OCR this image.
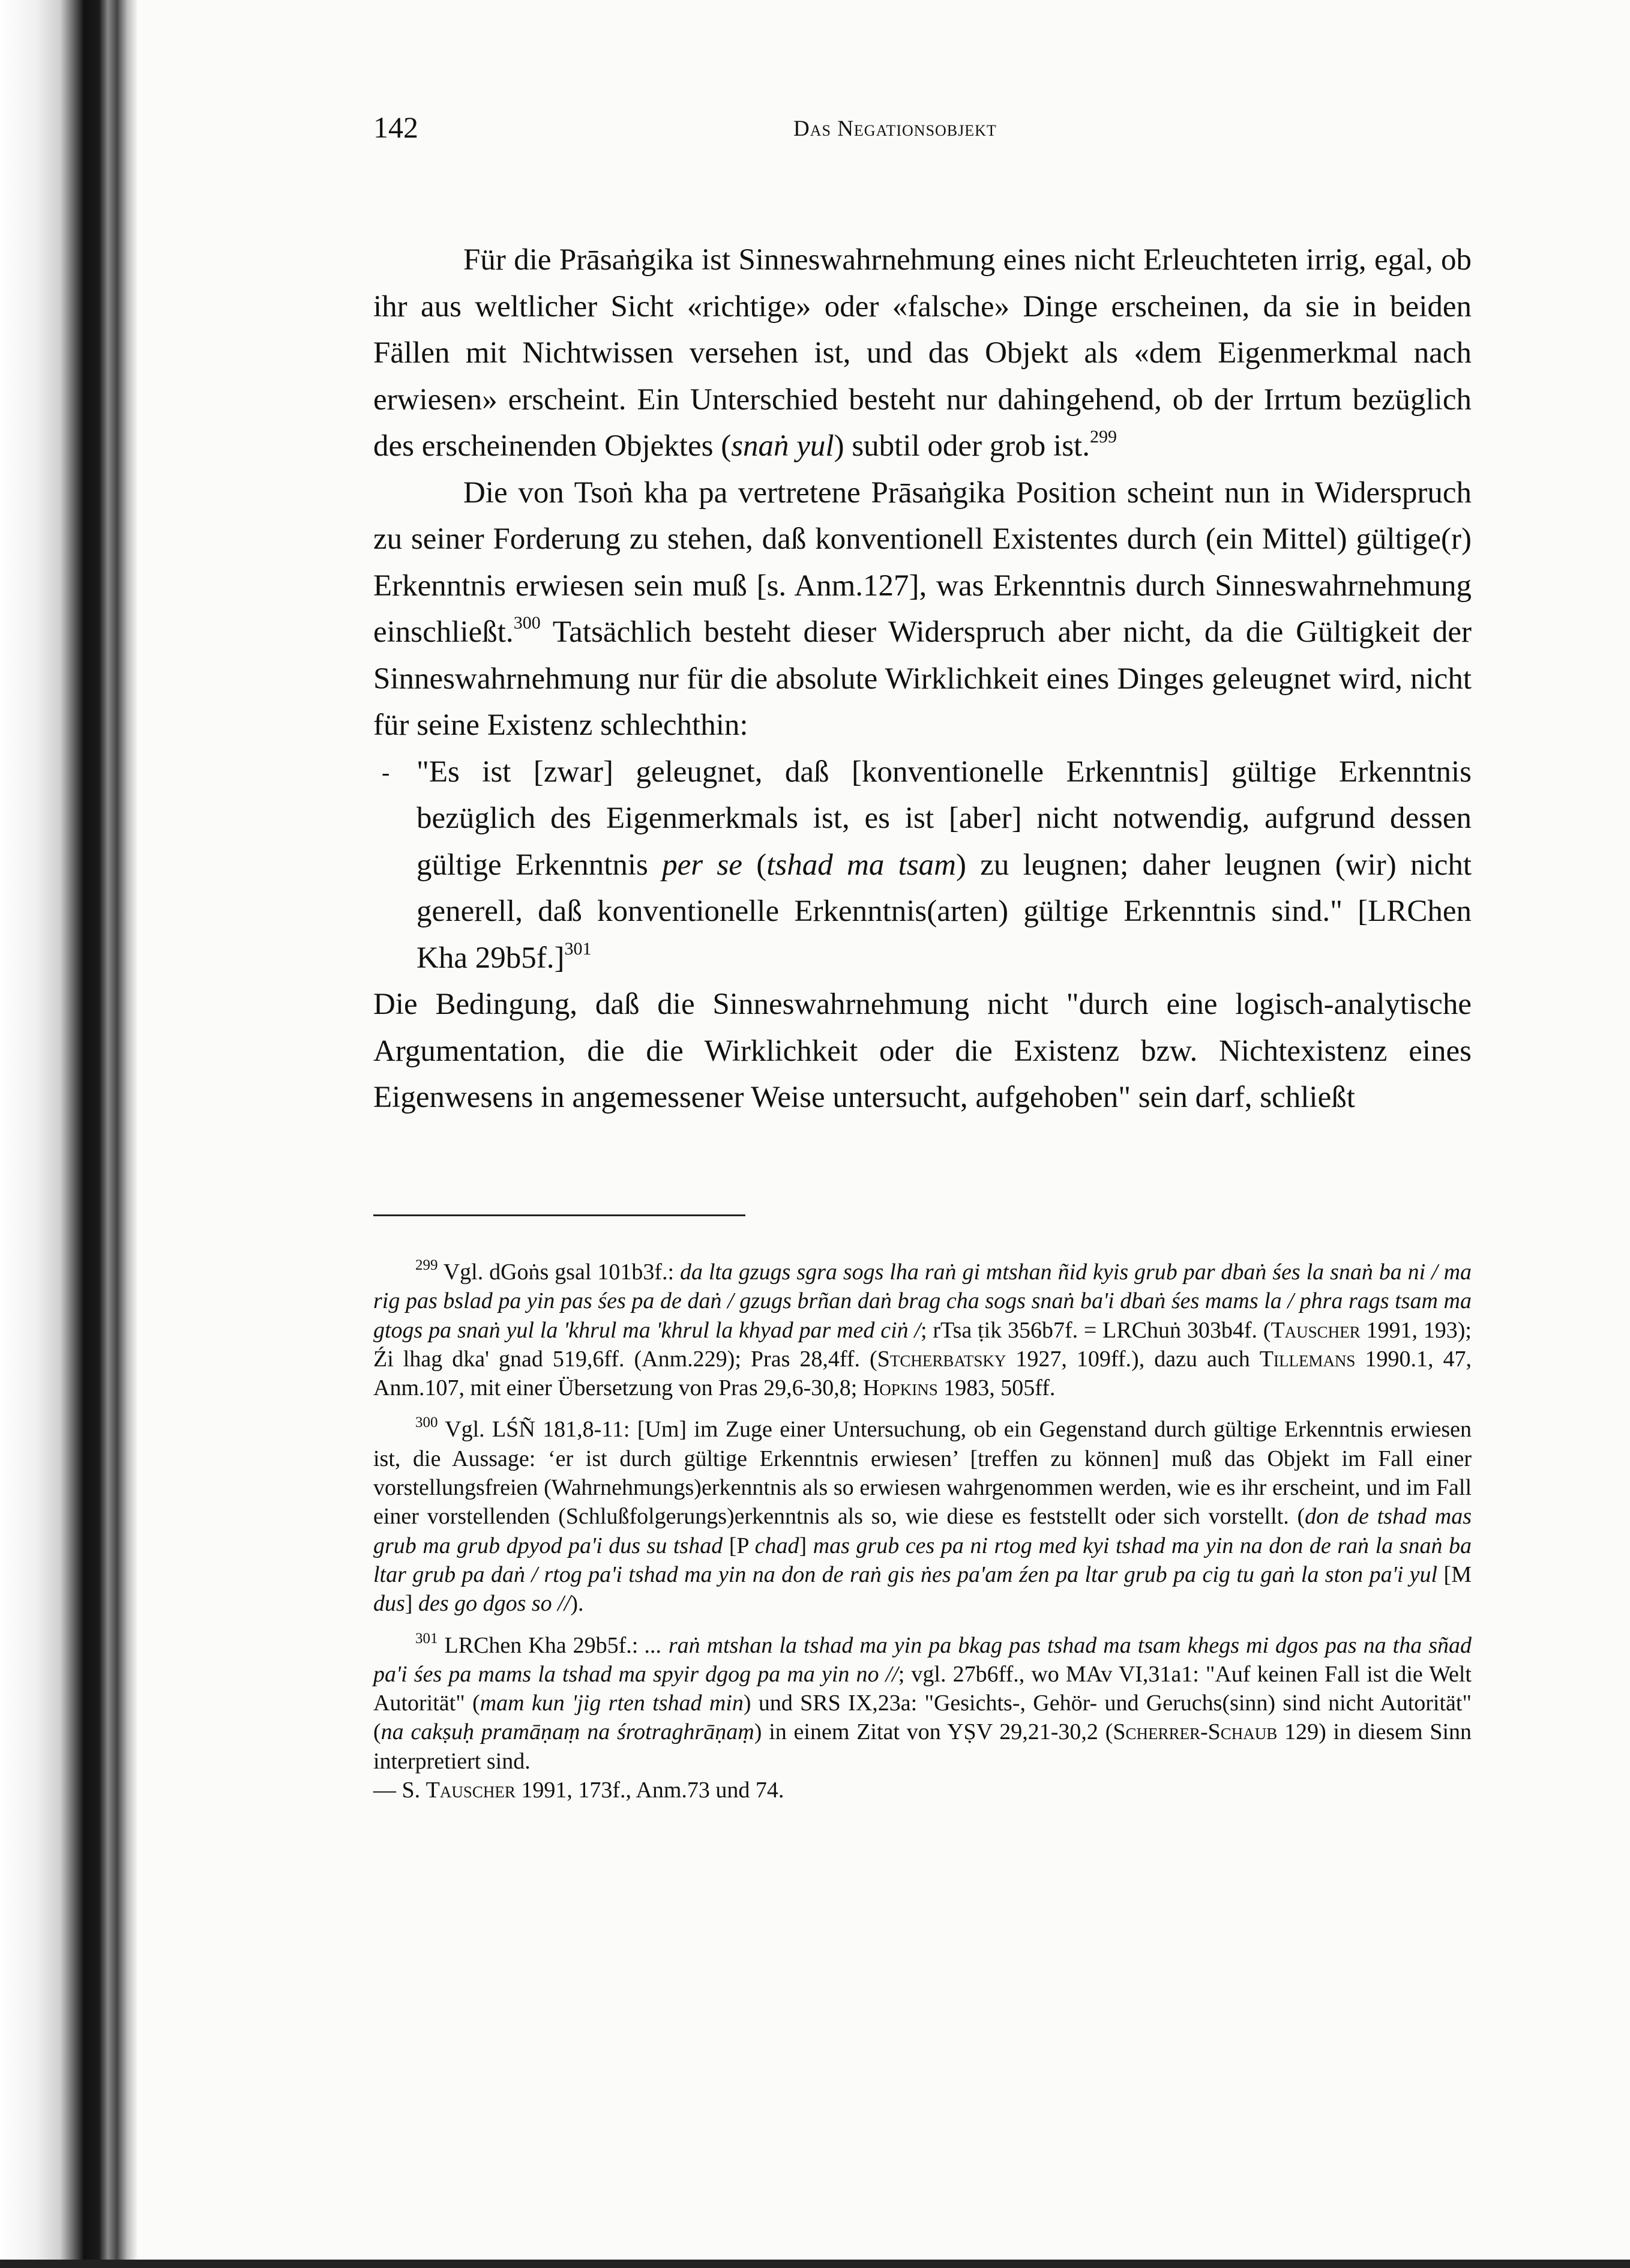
142	Das Negationsobjekt

Für die Prāsaṅgika ist Sinneswahrnehmung eines nicht Erleuchteten irrig, egal, ob ihr aus weltlicher Sicht «richtige» oder «falsche» Dinge erscheinen, da sie in beiden Fällen mit Nichtwissen versehen ist, und das Objekt als «dem Eigenmerkmal nach erwiesen» erscheint. Ein Unterschied besteht nur dahingehend, ob der Irrtum bezüglich des erscheinenden Objektes (snaṅ yul) subtil oder grob ist.$^{299}$

Die von Tsoṅ kha pa vertretene Prāsaṅgika Position scheint nun in Widerspruch zu seiner Forderung zu stehen, daß konventionell Existentes durch (ein Mittel) gültige(r) Erkenntnis erwiesen sein muß [s. Anm.127], was Erkenntnis durch Sinneswahrnehmung einschließt.$^{300}$ Tatsächlich besteht dieser Widerspruch aber nicht, da die Gültigkeit der Sinneswahrnehmung nur für die absolute Wirklichkeit eines Dinges geleugnet wird, nicht für seine Existenz schlechthin:

- "Es ist [zwar] geleugnet, daß [konventionelle Erkenntnis] gültige Erkenntnis bezüglich des Eigenmerkmals ist, es ist [aber] nicht notwendig, aufgrund dessen gültige Erkenntnis per se (tshad ma tsam) zu leugnen; daher leugnen (wir) nicht generell, daß konventionelle Erkenntnis(arten) gültige Erkenntnis sind." [LRChen Kha 29b5f.]$^{301}$

Die Bedingung, daß die Sinneswahrnehmung nicht "durch eine logisch-analytische Argumentation, die die Wirklichkeit oder die Existenz bzw. Nichtexistenz eines Eigenwesens in angemessener Weise untersucht, aufgehoben" sein darf, schließt

$^{299}$ Vgl. dGoṅs gsal 101b3f.: da lta gzugs sgra sogs lha raṅ gi mtshan ñid kyis grub par dbaṅ śes la snaṅ ba ni / ma rig pas bslad pa yin pas śes pa de daṅ / gzugs brñan daṅ brag cha sogs snaṅ ba'i dbaṅ śes mams la / phra rags tsam ma gtogs pa snaṅ yul la 'khrul ma 'khrul la khyad par med ciṅ /; rTsa ṭik 356b7f. = LRChuṅ 303b4f. (Tauscher 1991, 193); Źi lhag dka' gnad 519,6ff. (Anm.229); Pras 28,4ff. (Stcherbatsky 1927, 109ff.), dazu auch Tillemans 1990.1, 47, Anm.107, mit einer Übersetzung von Pras 29,6-30,8; Hopkins 1983, 505ff.

$^{300}$ Vgl. LŚÑ 181,8-11: [Um] im Zuge einer Untersuchung, ob ein Gegenstand durch gültige Erkenntnis erwiesen ist, die Aussage: ‘er ist durch gültige Erkenntnis erwiesen’ [treffen zu können] muß das Objekt im Fall einer vorstellungsfreien (Wahrnehmungs)erkenntnis als so erwiesen wahrgenommen werden, wie es ihr erscheint, und im Fall einer vorstellenden (Schlußfolgerungs)erkenntnis als so, wie diese es feststellt oder sich vorstellt. (don de tshad mas grub ma grub dpyod pa'i dus su tshad [P chad] mas grub ces pa ni rtog med kyi tshad ma yin na don de raṅ la snaṅ ba ltar grub pa daṅ / rtog pa'i tshad ma yin na don de raṅ gis ṅes pa'am źen pa ltar grub pa cig tu gaṅ la ston pa'i yul [M dus] des go dgos so //).

$^{301}$ LRChen Kha 29b5f.: ... raṅ mtshan la tshad ma yin pa bkag pas tshad ma tsam khegs mi dgos pas na tha sñad pa'i śes pa mams la tshad ma spyir dgog pa ma yin no //; vgl. 27b6ff., wo MAv VI,31a1: "Auf keinen Fall ist die Welt Autorität" (mam kun 'jig rten tshad min) und SRS IX,23a: "Gesichts-, Gehör- und Geruchs(sinn) sind nicht Autorität" (na cakṣuḥ pramāṇaṃ na śrotraghrāṇaṃ) in einem Zitat von YṢV 29,21-30,2 (Scherrer-Schaub 129) in diesem Sinn interpretiert sind.
— S. Tauscher 1991, 173f., Anm.73 und 74.
